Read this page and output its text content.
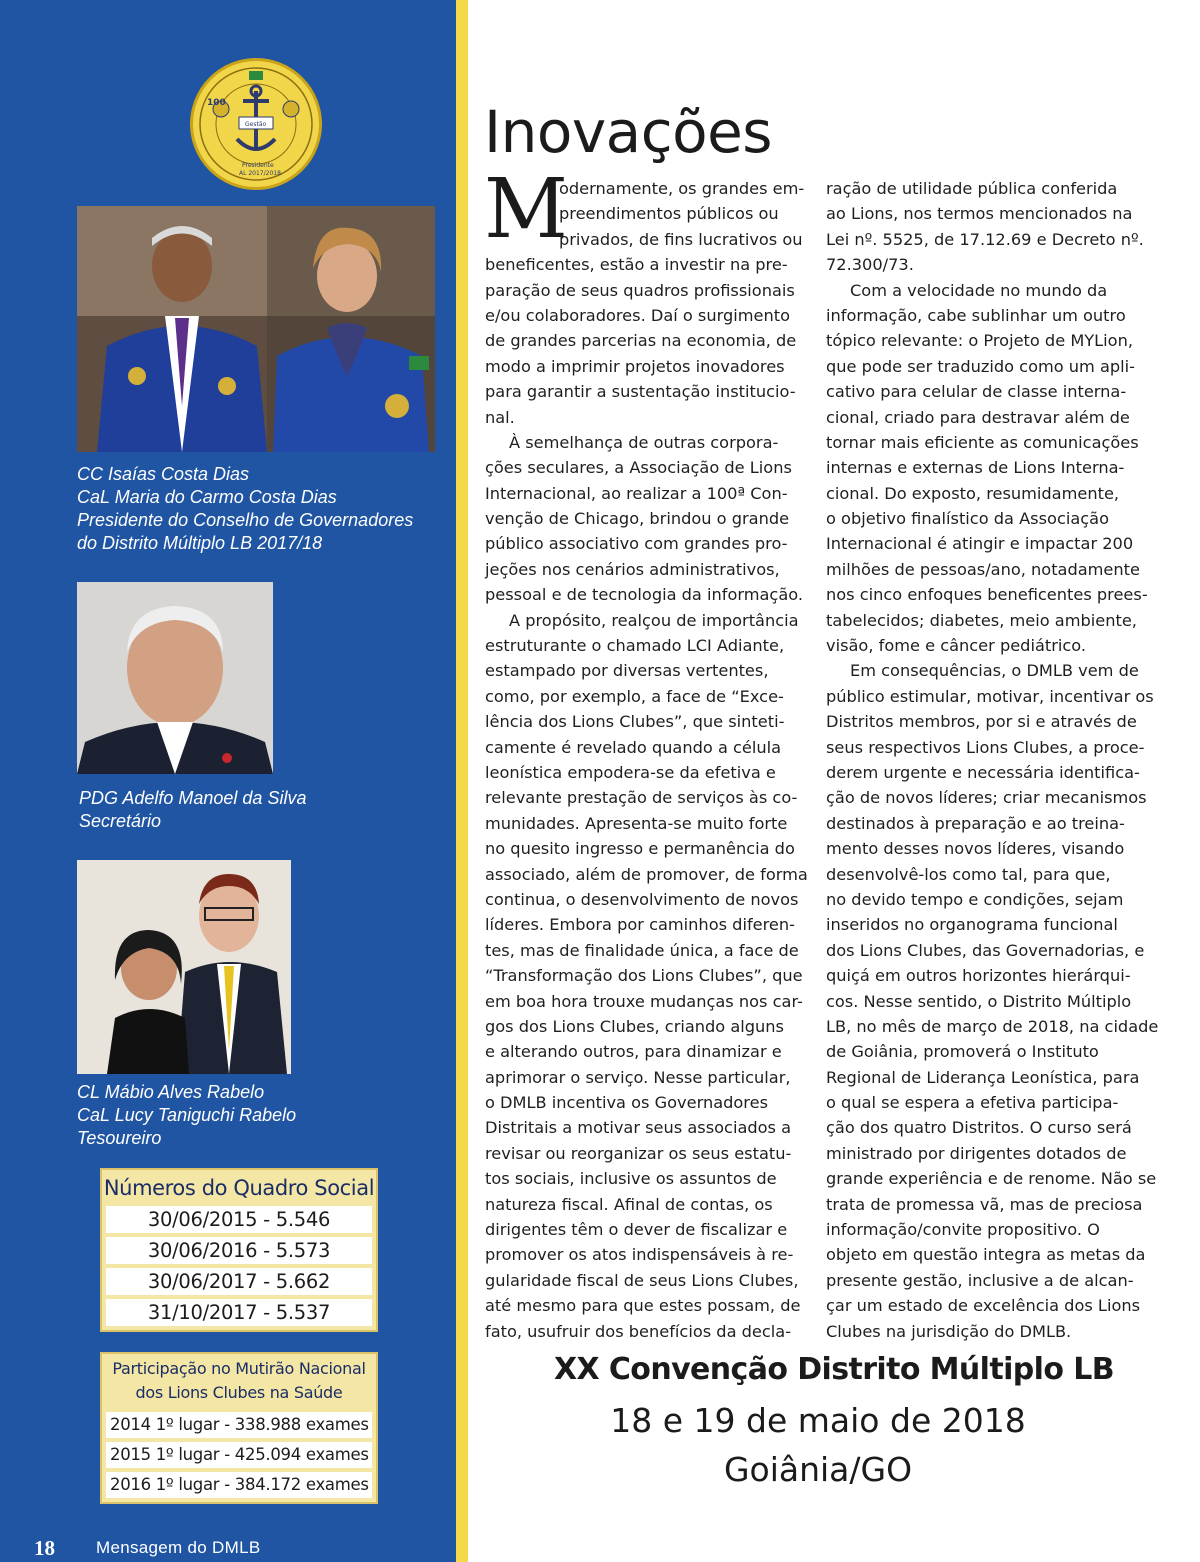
100
Gestão
Presidente
AL 2017/2018
CC Isaías Costa Dias
CaL Maria do Carmo Costa Dias
Presidente do Conselho de Governadores
do Distrito Múltiplo LB 2017/18
PDG Adelfo Manoel da Silva
Secretário
CL Mábio Alves Rabelo
CaL Lucy Taniguchi Rabelo
Tesoureiro
Números do Quadro Social
30/06/2015 - 5.546
30/06/2016 - 5.573
30/06/2017 - 5.662
31/10/2017 - 5.537
Participação no Mutirão Nacional
dos Lions Clubes na Saúde
2014 1º lugar - 338.988 exames
2015 1º lugar - 425.094 exames
2016 1º lugar - 384.172 exames
18 Mensagem do DMLB
Inovações
M
odernamente, os grandes em-
preendimentos públicos ou
privados, de fins lucrativos ou
beneficentes, estão a investir na pre-
paração de seus quadros profissionais
e/ou colaboradores. Daí o surgimento
de grandes parcerias na economia, de
modo a imprimir projetos inovadores
para garantir a sustentação institucio-
nal.
À semelhança de outras corpora-
ções seculares, a Associação de Lions
Internacional, ao realizar a 100ª Con-
venção de Chicago, brindou o grande
público associativo com grandes pro-
jeções nos cenários administrativos,
pessoal e de tecnologia da informação.
A propósito, realçou de importância
estruturante o chamado LCI Adiante,
estampado por diversas vertentes,
como, por exemplo, a face de “Exce-
lência dos Lions Clubes”, que sinteti-
camente é revelado quando a célula
leonística empodera-se da efetiva e
relevante prestação de serviços às co-
munidades. Apresenta-se muito forte
no quesito ingresso e permanência do
associado, além de promover, de forma
continua, o desenvolvimento de novos
líderes. Embora por caminhos diferen-
tes, mas de finalidade única, a face de
“Transformação dos Lions Clubes”, que
em boa hora trouxe mudanças nos car-
gos dos Lions Clubes, criando alguns
e alterando outros, para dinamizar e
aprimorar o serviço. Nesse particular,
o DMLB incentiva os Governadores
Distritais a motivar seus associados a
revisar ou reorganizar os seus estatu-
tos sociais, inclusive os assuntos de
natureza fiscal. Afinal de contas, os
dirigentes têm o dever de fiscalizar e
promover os atos indispensáveis à re-
gularidade fiscal de seus Lions Clubes,
até mesmo para que estes possam, de
fato, usufruir dos benefícios da decla-
ração de utilidade pública conferida
ao Lions, nos termos mencionados na
Lei nº. 5525, de 17.12.69 e Decreto nº.
72.300/73.
Com a velocidade no mundo da
informação, cabe sublinhar um outro
tópico relevante: o Projeto de MYLion,
que pode ser traduzido como um apli-
cativo para celular de classe interna-
cional, criado para destravar além de
tornar mais eficiente as comunicações
internas e externas de Lions Interna-
cional. Do exposto, resumidamente,
o objetivo finalístico da Associação
Internacional é atingir e impactar 200
milhões de pessoas/ano, notadamente
nos cinco enfoques beneficentes prees-
tabelecidos; diabetes, meio ambiente,
visão, fome e câncer pediátrico.
Em consequências, o DMLB vem de
público estimular, motivar, incentivar os
Distritos membros, por si e através de
seus respectivos Lions Clubes, a proce-
derem urgente e necessária identifica-
ção de novos líderes; criar mecanismos
destinados à preparação e ao treina-
mento desses novos líderes, visando
desenvolvê-los como tal, para que,
no devido tempo e condições, sejam
inseridos no organograma funcional
dos Lions Clubes, das Governadorias, e
quiçá em outros horizontes hierárqui-
cos. Nesse sentido, o Distrito Múltiplo
LB, no mês de março de 2018, na cidade
de Goiânia, promoverá o Instituto
Regional de Liderança Leonística, para
o qual se espera a efetiva participa-
ção dos quatro Distritos. O curso será
ministrado por dirigentes dotados de
grande experiência e de renome. Não se
trata de promessa vã, mas de preciosa
informação/convite propositivo. O
objeto em questão integra as metas da
presente gestão, inclusive a de alcan-
çar um estado de excelência dos Lions
Clubes na jurisdição do DMLB.
XX Convenção Distrito Múltiplo LB
18 e 19 de maio de 2018
Goiânia/GO
